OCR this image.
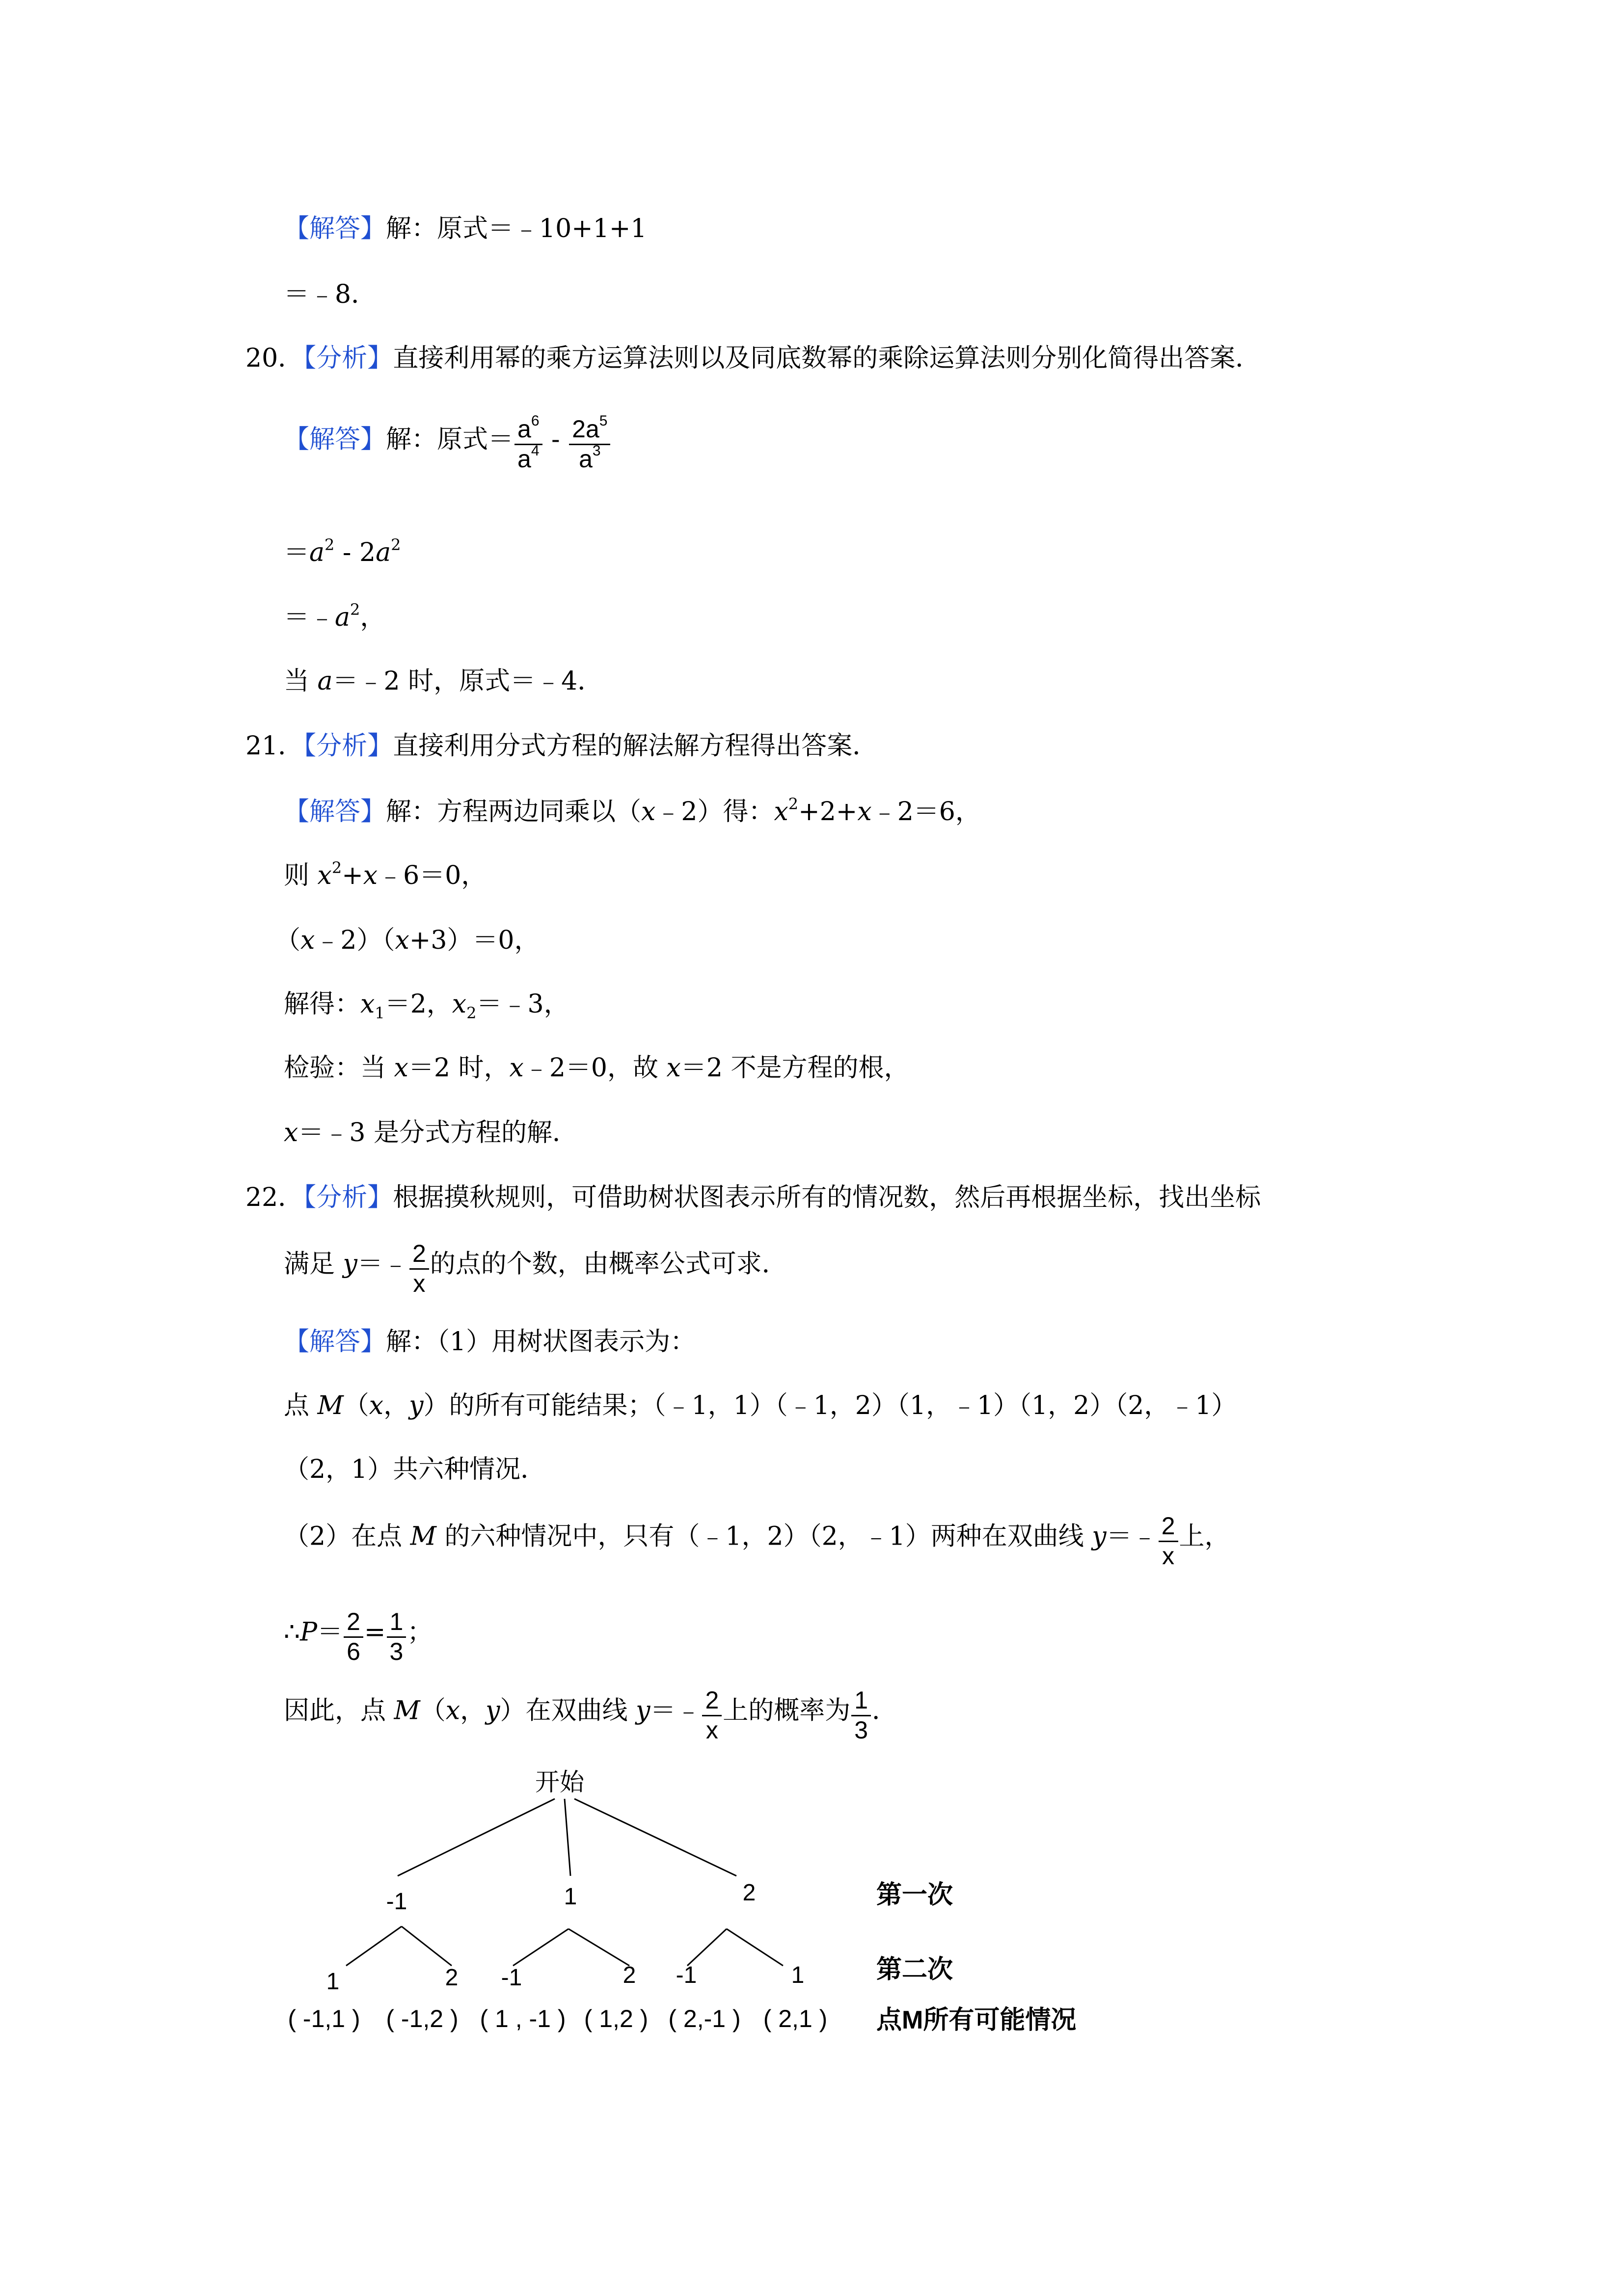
【解答】解：原式＝﹣10+1+1
＝﹣8．
20．【分析】直接利用幂的乘方运算法则以及同底数幂的乘除运算法则分别化简得出答案．
【解答】解：原式＝ $\frac{a^6}{a^4} - \frac{2a^5}{a^3}$
$=a^2 - 2a^2$
$=﹣a^2$，
当 a＝﹣2 时，原式＝﹣4．
21．【分析】直接利用分式方程的解法解方程得出答案．
【解答】解：方程两边同乘以（x﹣2）得：$x^2+2+x﹣2=6$，
则 $x^2+x﹣6=0$，
（x﹣2）（x+3）＝0，
解得：$x_1=2$，$x_2=﹣3$，
检验：当 x＝2 时，x﹣2＝0，故 x＝2 不是方程的根，
x＝﹣3 是分式方程的解．
22．【分析】根据摸秋规则，可借助树状图表示所有的情况数，然后再根据坐标，找出坐标
满足 y＝﹣ $\frac{2}{x}$ 的点的个数，由概率公式可求．
【解答】解：（1）用树状图表示为：
点 M（x，y）的所有可能结果；（﹣1，1）（﹣1，2）（1，﹣1）（1，2）（2，﹣1）
（2，1）共六种情况．
（2）在点 M 的六种情况中，只有（﹣1，2）（2，﹣1）两种在双曲线 y＝﹣ $\frac{2}{x}$ 上，
∴P＝ $\frac{2}{6} = \frac{1}{3}$ ；
因此，点 M（x，y）在双曲线 y＝﹣ $\frac{2}{x}$ 上的概率为 $\frac{1}{3}$ ．
开始
-1	1	2
1	2 -1	2 -1	1
( -1,1 ) ( -1,2 ) ( 1 , -1 ) ( 1,2 ) ( 2,-1 ) ( 2,1 )
第一次
第二次
点M所有可能情况
